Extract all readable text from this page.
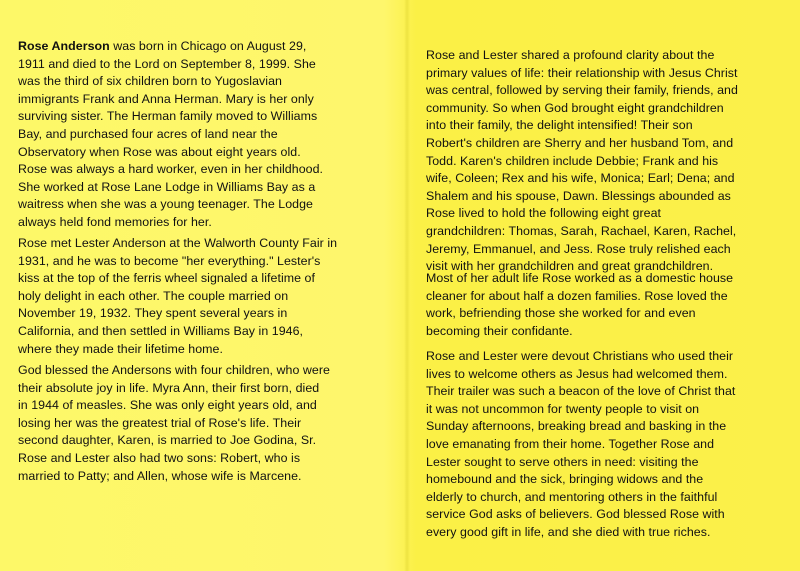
Rose Anderson was born in Chicago on August 29,
1911 and died to the Lord on September 8, 1999. She
was the third of six children born to Yugoslavian
immigrants Frank and Anna Herman. Mary is her only
surviving sister. The Herman family moved to Williams
Bay, and purchased four acres of land near the
Observatory when Rose was about eight years old.
Rose was always a hard worker, even in her childhood.
She worked at Rose Lane Lodge in Williams Bay as a
waitress when she was a young teenager. The Lodge
always held fond memories for her.

Rose met Lester Anderson at the Walworth County Fair in
1931, and he was to become "her everything." Lester's
kiss at the top of the ferris wheel signaled a lifetime of
holy delight in each other. The couple married on
November 19, 1932. They spent several years in
California, and then settled in Williams Bay in 1946,
where they made their lifetime home.

God blessed the Andersons with four children, who were
their absolute joy in life. Myra Ann, their first born, died
in 1944 of measles. She was only eight years old, and
losing her was the greatest trial of Rose's life. Their
second daughter, Karen, is married to Joe Godina, Sr.
Rose and Lester also had two sons: Robert, who is
married to Patty; and Allen, whose wife is Marcene.

Rose and Lester shared a profound clarity about the
primary values of life: their relationship with Jesus Christ
was central, followed by serving their family, friends, and
community. So when God brought eight grandchildren
into their family, the delight intensified! Their son
Robert's children are Sherry and her husband Tom, and
Todd. Karen's children include Debbie; Frank and his
wife, Coleen; Rex and his wife, Monica; Earl; Dena; and
Shalem and his spouse, Dawn. Blessings abounded as
Rose lived to hold the following eight great
grandchildren: Thomas, Sarah, Rachael, Karen, Rachel,
Jeremy, Emmanuel, and Jess. Rose truly relished each
visit with her grandchildren and great grandchildren.

Most of her adult life Rose worked as a domestic house
cleaner for about half a dozen families. Rose loved the
work, befriending those she worked for and even
becoming their confidante.

Rose and Lester were devout Christians who used their
lives to welcome others as Jesus had welcomed them.
Their trailer was such a beacon of the love of Christ that
it was not uncommon for twenty people to visit on
Sunday afternoons, breaking bread and basking in the
love emanating from their home. Together Rose and
Lester sought to serve others in need: visiting the
homebound and the sick, bringing widows and the
elderly to church, and mentoring others in the faithful
service God asks of believers. God blessed Rose with
every good gift in life, and she died with true riches.
